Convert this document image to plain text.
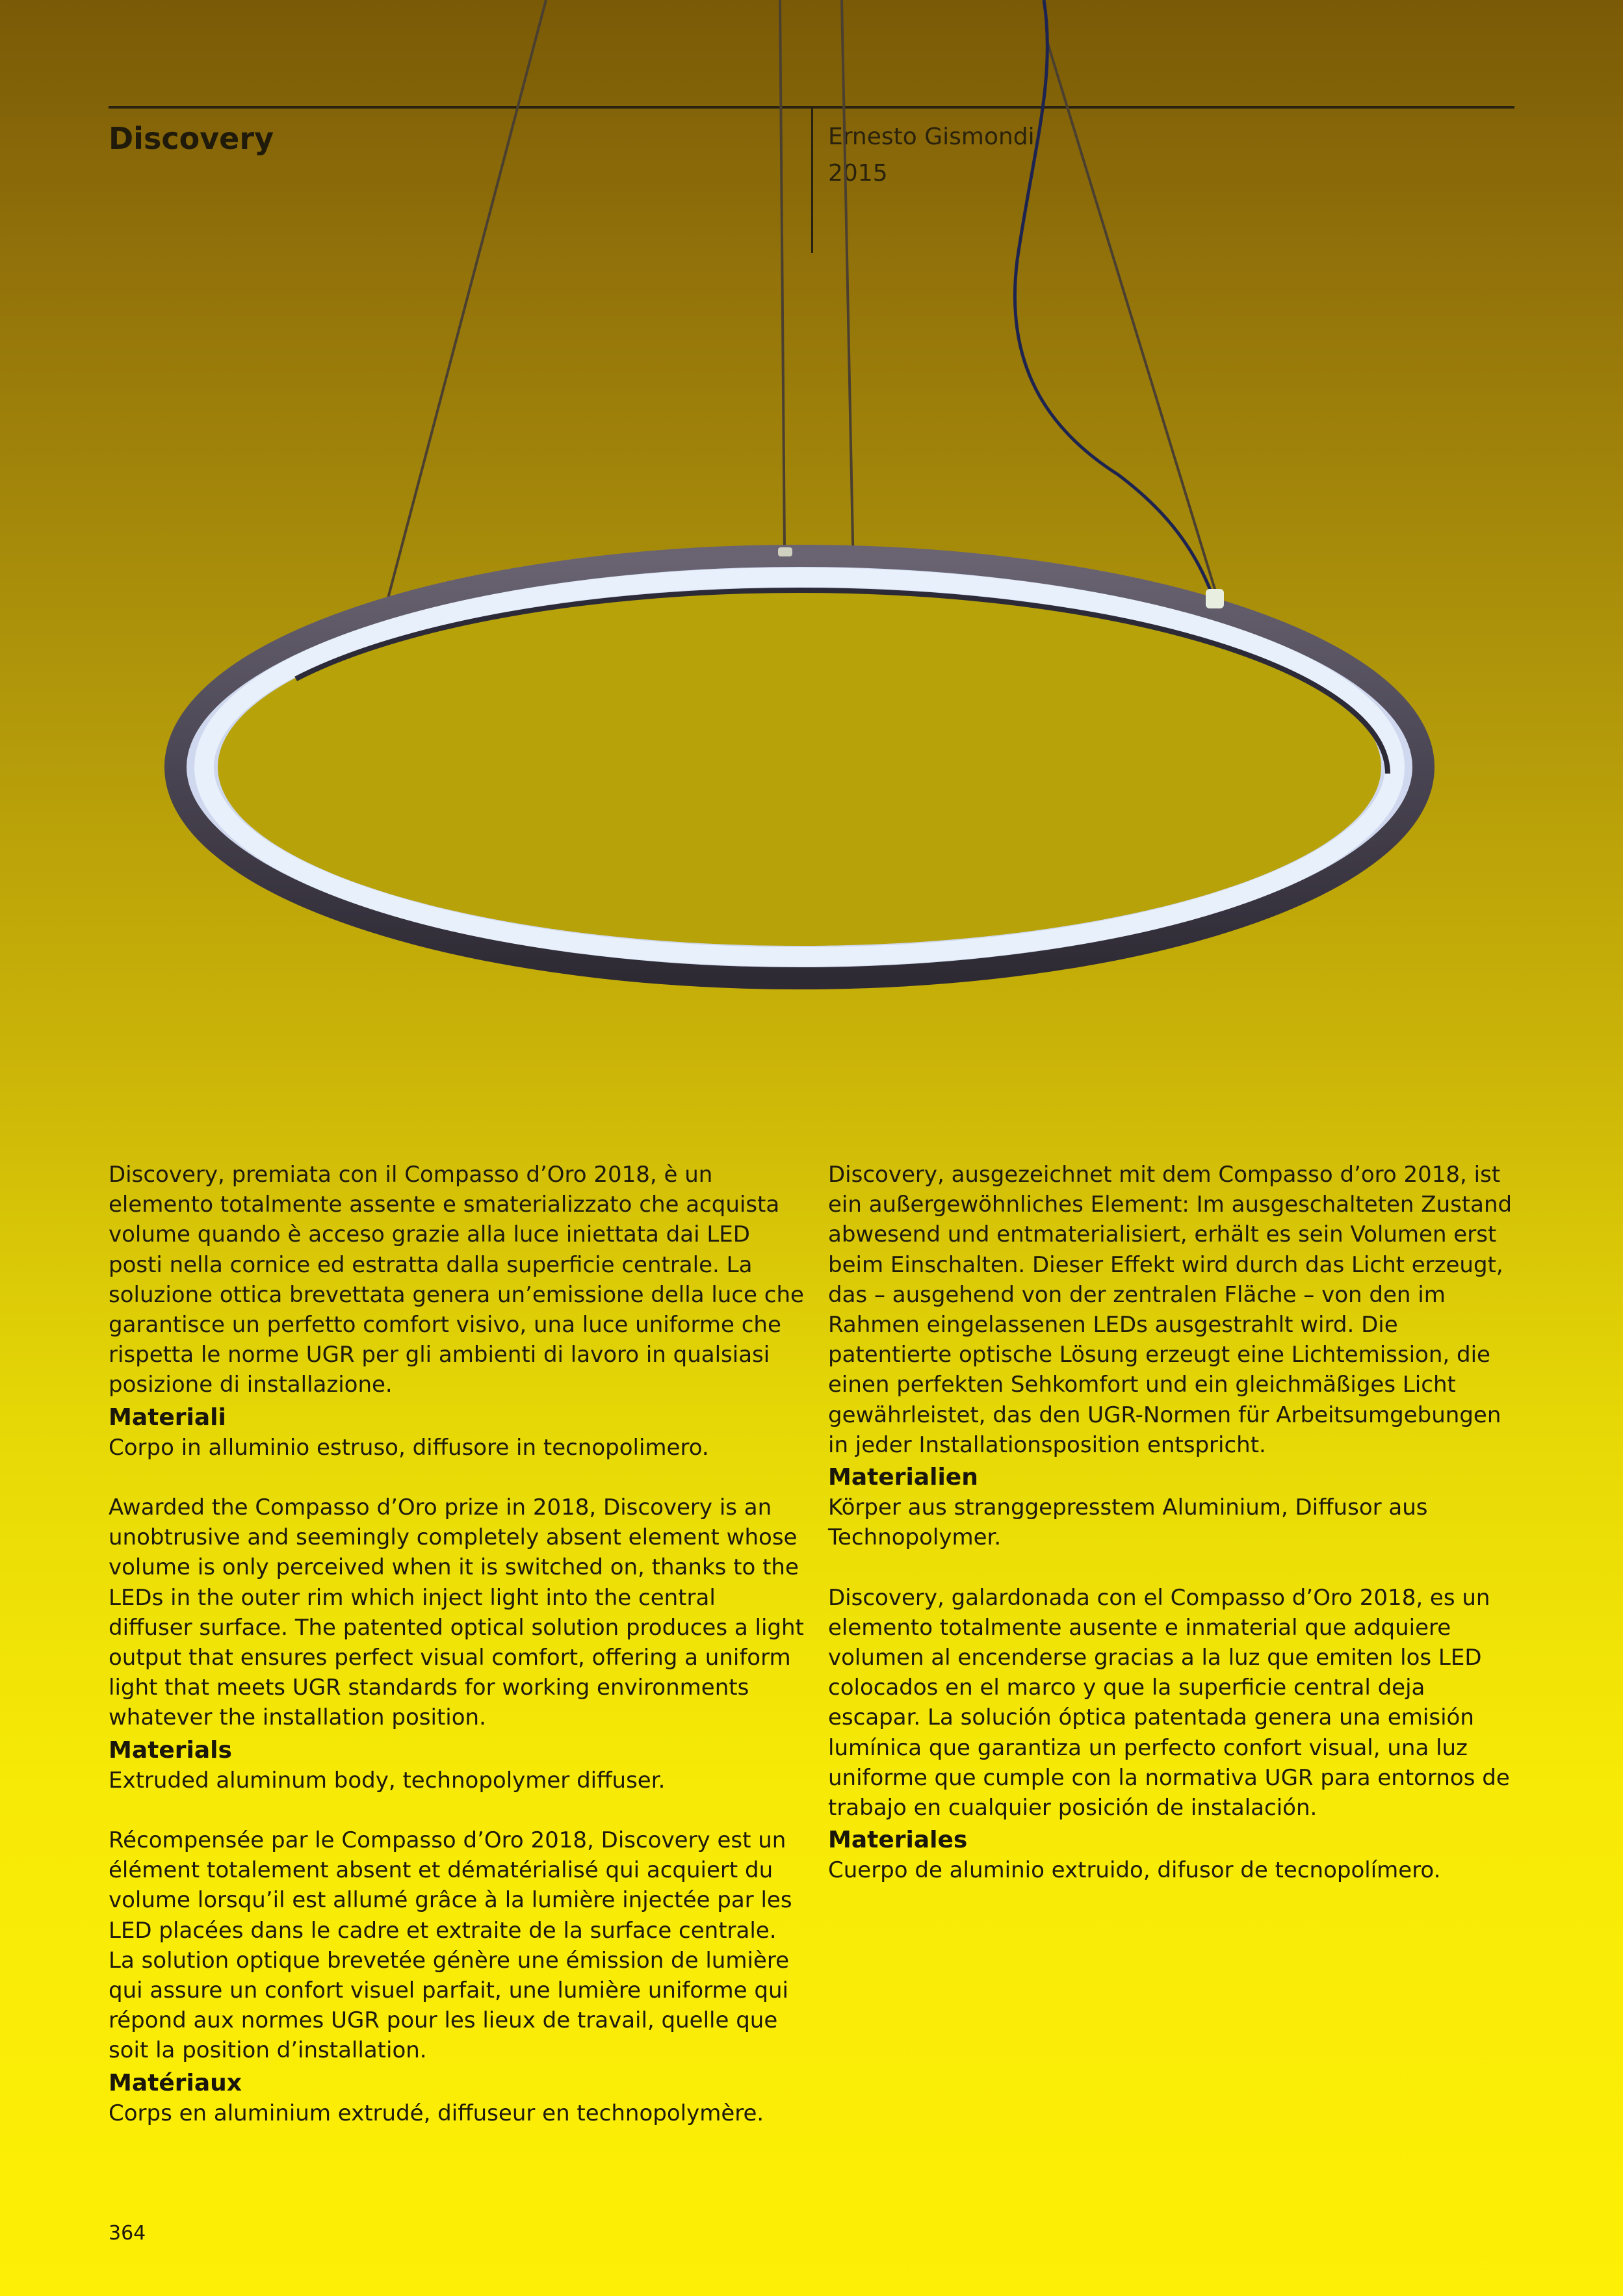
Discovery	Ernesto Gismondi
2015

Discovery, premiata con il Compasso d’Oro 2018, è un elemento totalmente assente e smaterializzato che acquista volume quando è acceso grazie alla luce iniettata dai LED posti nella cornice ed estratta dalla superficie centrale. La soluzione ottica brevettata genera un’emissione della luce che garantisce un perfetto comfort visivo, una luce uniforme che rispetta le norme UGR per gli ambienti di lavoro in qualsiasi posizione di installazione.

Materiali

Corpo in alluminio estruso, diffusore in tecnopolimero.

Awarded the Compasso d’Oro prize in 2018, Discovery is an unobtrusive and seemingly completely absent element whose volume is only perceived when it is switched on, thanks to the LEDs in the outer rim which inject light into the central diffuser surface. The patented optical solution produces a light output that ensures perfect visual comfort, offering a uniform light that meets UGR standards for working environments whatever the installation position.

Materials

Extruded aluminum body, technopolymer diffuser.

Récompensée par le Compasso d’Oro 2018, Discovery est un élément totalement absent et dématérialisé qui acquiert du volume lorsqu’il est allumé grâce à la lumière injectée par les LED placées dans le cadre et extraite de la surface centrale. La solution optique brevetée génère une émission de lumière qui assure un confort visuel parfait, une lumière uniforme qui répond aux normes UGR pour les lieux de travail, quelle que soit la position d’installation.

Matériaux

Corps en aluminium extrudé, diffuseur en technopolymère.

Discovery, ausgezeichnet mit dem Compasso d’oro 2018, ist ein außergewöhnliches Element: Im ausgeschalteten Zustand abwesend und entmaterialisiert, erhält es sein Volumen erst beim Einschalten. Dieser Effekt wird durch das Licht erzeugt, das – ausgehend von der zentralen Fläche – von den im Rahmen eingelassenen LEDs ausgestrahlt wird. Die patentierte optische Lösung erzeugt eine Lichtemission, die einen perfekten Sehkomfort und ein gleichmäßiges Licht gewährleistet, das den UGR-Normen für Arbeitsumgebungen in jeder Installationsposition entspricht.

Materialien

Körper aus stranggepresstem Aluminium, Diffusor aus Technopolymer.

Discovery, galardonada con el Compasso d’Oro 2018, es un elemento totalmente ausente e inmaterial que adquiere volumen al encenderse gracias a la luz que emiten los LED colocados en el marco y que la superficie central deja escapar. La solución óptica patentada genera una emisión lumínica que garantiza un perfecto confort visual, una luz uniforme que cumple con la normativa UGR para entornos de trabajo en cualquier posición de instalación.

Materiales

Cuerpo de aluminio extruido, difusor de tecnopolímero.

364
